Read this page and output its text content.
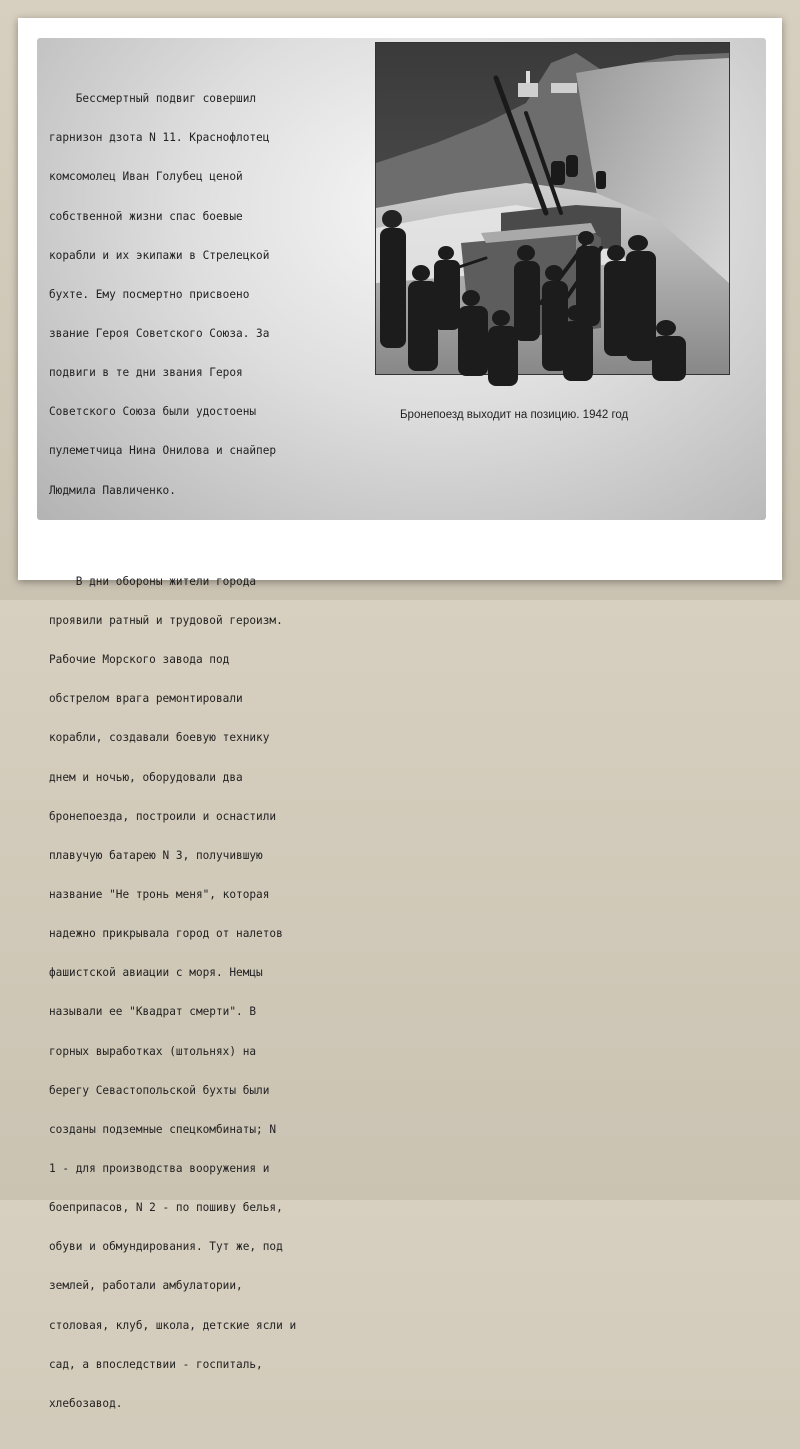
Бессмертный подвиг совершил

гарнизон дзота N 11. Краснофлотец

комсомолец Иван Голубец ценой

собственной жизни спас боевые

корабли и их экипажи в Стрелецкой

бухте. Ему посмертно присвоено

звание Героя Советского Союза. За

подвиги в те дни звания Героя

Советского Союза были удостоены

пулеметчица Нина Онилова и снайпер

Людмила Павличенко.

В дни обороны жители города

проявили ратный и трудовой героизм.

Рабочие Морского завода под

обстрелом врага ремонтировали

корабли, создавали боевую технику

днем и ночью, оборудовали два

бронепоезда, построили и оснастили

плавучую батарею N 3, получившую

название "Не тронь меня", которая

надежно прикрывала город от налетов

фашистской авиации с моря. Немцы

называли ее "Квадрат смерти". В

горных выработках (штольнях) на

берегу Севастопольской бухты были

созданы подземные спецкомбинаты; N

1 - для производства вооружения и

боеприпасов, N 2 - по пошиву белья,

обуви и обмундирования. Тут же, под

землей, работали амбулатории,

столовая, клуб, школа, детские ясли и

сад, а впоследствии - госпиталь,

хлебозавод.

Бронепоезд выходит на позицию. 1942 год
